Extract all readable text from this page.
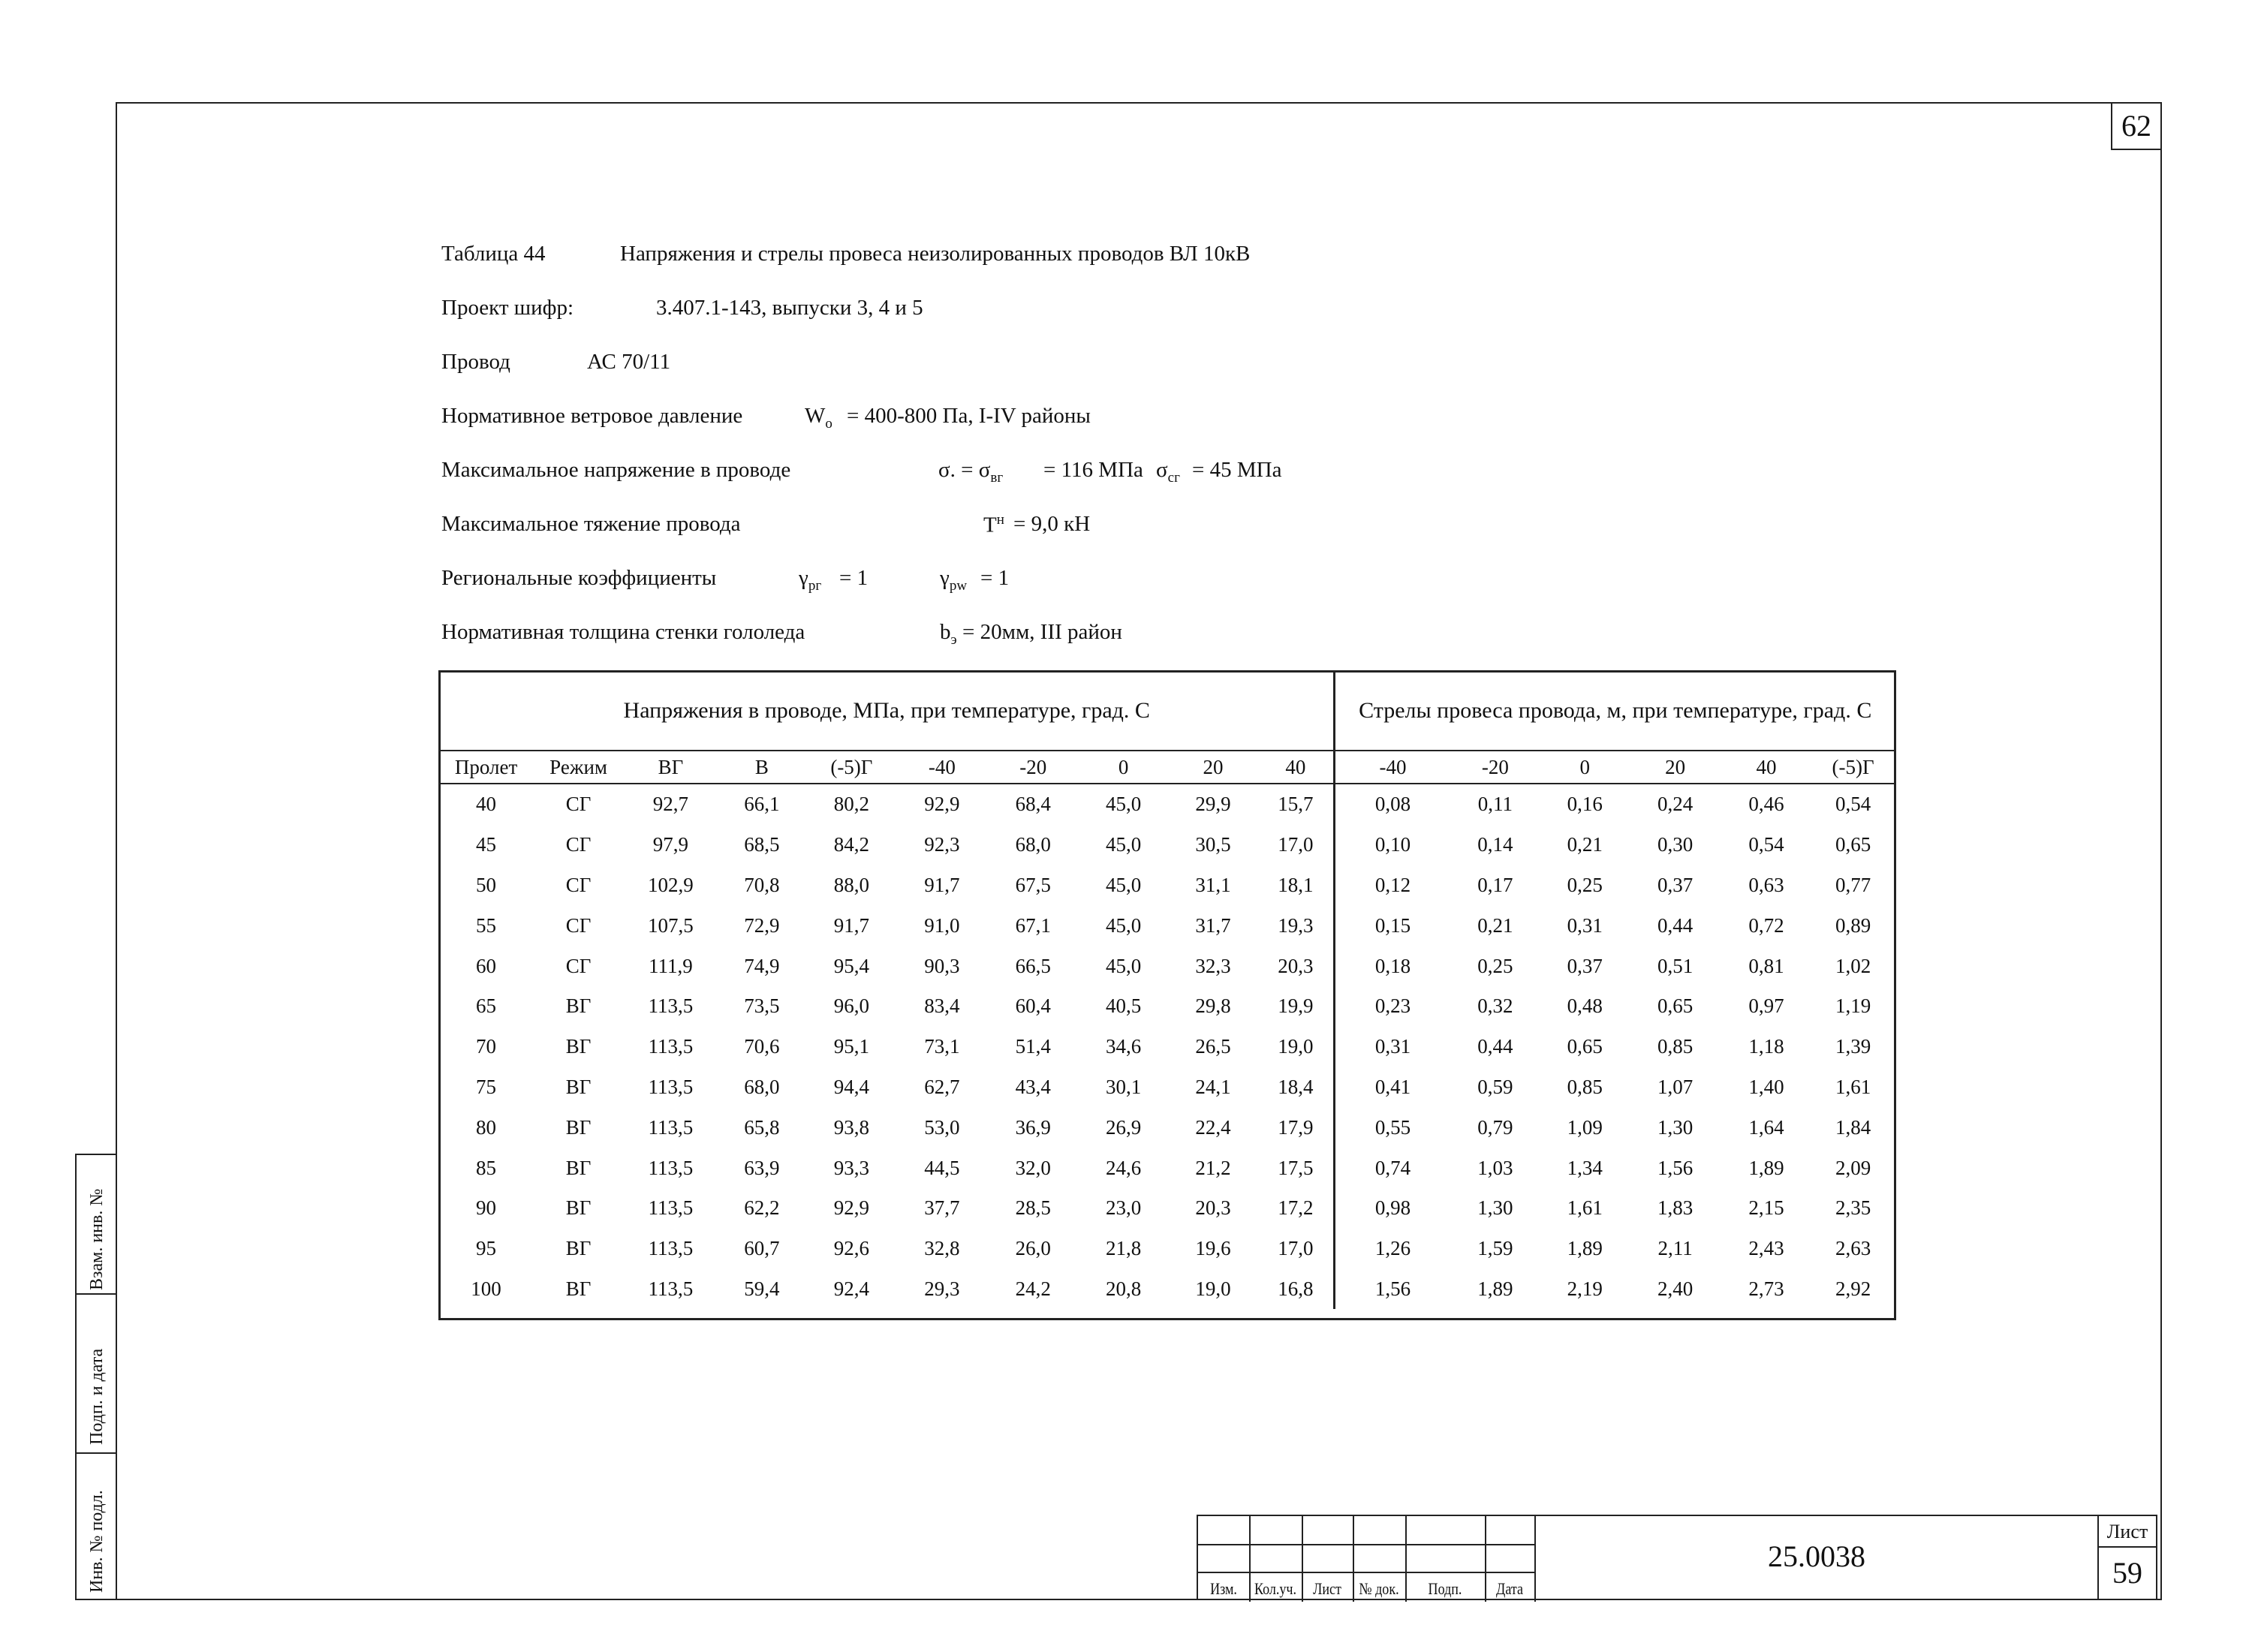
62
Взам. инв. №
Подп. и дата
Инв. № подл.
Таблица 44	Напряжения и стрелы провеса неизолированных проводов ВЛ 10кВ
Проект шифр:	3.407.1-143, выпуски 3, 4 и 5
Провод	АС 70/11
Нормативное ветровое давление	$W_o = 400-800$ Па, I-IV районы
Максимальное напряжение в проводе	σ. = $\sigma_{вг} = 116$ МПа $\sigma_{сг} = 45$ МПа
Максимальное тяжение провода	$T^н = 9,0$ кН
Региональные коэффициенты	$\gamma_{рг} = 1$	$\gamma_{pw} = 1$
Нормативная толщина стенки гололеда	$b_э = 20мм$, III район
Напряжения в проводе, МПа, при температуре, град. С										Стрелы провеса провода, м, при температуре, град. С					
Пролет	Режим	ВГ	В	(-5)Г	-40	-20	0	20	40	-40	-20	0	20	40	(-5)Г
40	СГ	92,7	66,1	80,2	92,9	68,4	45,0	29,9	15,7	0,08	0,11	0,16	0,24	0,46	0,54
45	СГ	97,9	68,5	84,2	92,3	68,0	45,0	30,5	17,0	0,10	0,14	0,21	0,30	0,54	0,65
50	СГ	102,9	70,8	88,0	91,7	67,5	45,0	31,1	18,1	0,12	0,17	0,25	0,37	0,63	0,77
55	СГ	107,5	72,9	91,7	91,0	67,1	45,0	31,7	19,3	0,15	0,21	0,31	0,44	0,72	0,89
60	СГ	111,9	74,9	95,4	90,3	66,5	45,0	32,3	20,3	0,18	0,25	0,37	0,51	0,81	1,02
65	ВГ	113,5	73,5	96,0	83,4	60,4	40,5	29,8	19,9	0,23	0,32	0,48	0,65	0,97	1,19
70	ВГ	113,5	70,6	95,1	73,1	51,4	34,6	26,5	19,0	0,31	0,44	0,65	0,85	1,18	1,39
75	ВГ	113,5	68,0	94,4	62,7	43,4	30,1	24,1	18,4	0,41	0,59	0,85	1,07	1,40	1,61
80	ВГ	113,5	65,8	93,8	53,0	36,9	26,9	22,4	17,9	0,55	0,79	1,09	1,30	1,64	1,84
85	ВГ	113,5	63,9	93,3	44,5	32,0	24,6	21,2	17,5	0,74	1,03	1,34	1,56	1,89	2,09
90	ВГ	113,5	62,2	92,9	37,7	28,5	23,0	20,3	17,2	0,98	1,30	1,61	1,83	2,15	2,35
95	ВГ	113,5	60,7	92,6	32,8	26,0	21,8	19,6	17,0	1,26	1,59	1,89	2,11	2,43	2,63
100	ВГ	113,5	59,4	92,4	29,3	24,2	20,8	19,0	16,8	1,56	1,89	2,19	2,40	2,73	2,92
Изм.	Кол.уч.	Лист	№ док.	Подп.	Дата
25.0038
Лист
59
